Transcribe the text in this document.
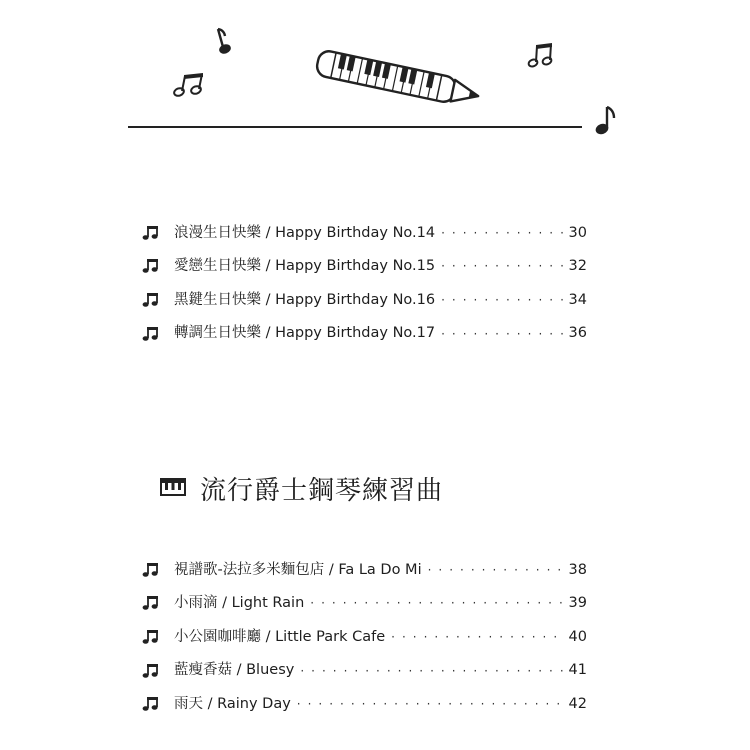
浪漫生日快樂 / Happy Birthday No.14 ·····	30
愛戀生日快樂 / Happy Birthday No.15 ·····	32
黑鍵生日快樂 / Happy Birthday No.16 ·····	34
轉調生日快樂 / Happy Birthday No.17 ·····	36
流行爵士鋼琴練習曲
視譜歌-法拉多米麵包店 / Fa La Do Mi ·····	38
小雨滴 / Light Rain ·····	39
小公園咖啡廳 / Little Park Cafe ·····	40
藍瘦香菇 / Bluesy ·····	41
雨天 / Rainy Day ·····	42
